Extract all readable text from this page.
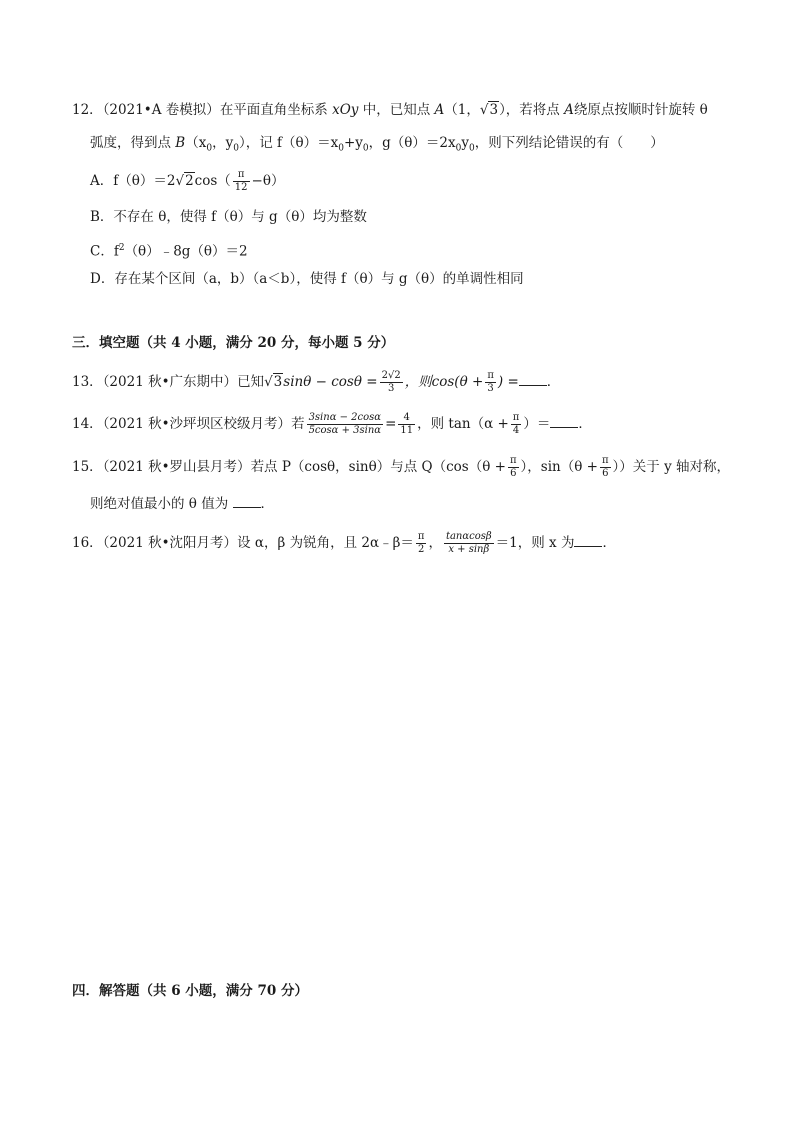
12．（2021•A 卷模拟）在平面直角坐标系 xOy 中，已知点 A（1，√3），若将点 A绕原点按顺时针旋转 θ
弧度，得到点 $B(x_0$，$y_0$），记 $f(\theta)=x_0+y_0$，$g(\theta)=2x_0y_0$，则下列结论错误的有（　　）
A．$f(\theta)=2√2\cos( \frac{\pi}{12} -\theta)$
B．不存在 θ，使得 f（θ）与 g（θ）均为整数
C．$f^2(\theta)﹣8g(\theta)=2$
D．存在某个区间（a，b）（a＜b），使得 f（θ）与 g（θ）的单调性相同
三．填空题（共 4 小题，满分 20 分，每小题 5 分）
13．（2021 秋•广东期中）已知$√3\sin\theta - \cos\theta = \frac{2√2}{3}$ ，则$\cos(\theta + \frac{\pi}{3}$ ) = ．
14．（2021 秋•沙坪坝区校级月考）若 $\frac{3\sin\alpha - 2\cos\alpha}{5\cos\alpha + 3\sin\alpha} = \frac{4}{11}$ ，则 $\tan(\alpha + \frac{\pi}{4}$ ）＝ ．
15．（2021 秋•罗山县月考）若点 P（cosθ，sinθ）与点 $Q(\cos(\theta + \frac{\pi}{6}$ ），$\sin(\theta + \frac{\pi}{6}$ ））关于 y 轴对称，
则绝对值最小的 θ 值为 ．
16．（2021 秋•沈阳月考）设 α，β 为锐角，且 2α﹣β＝ $\frac{\pi}{2}$ ， $\frac{\tan\alpha\cos\beta}{x + \sin\beta} =1$，则 x 为 ．
四．解答题（共 6 小题，满分 70 分）
